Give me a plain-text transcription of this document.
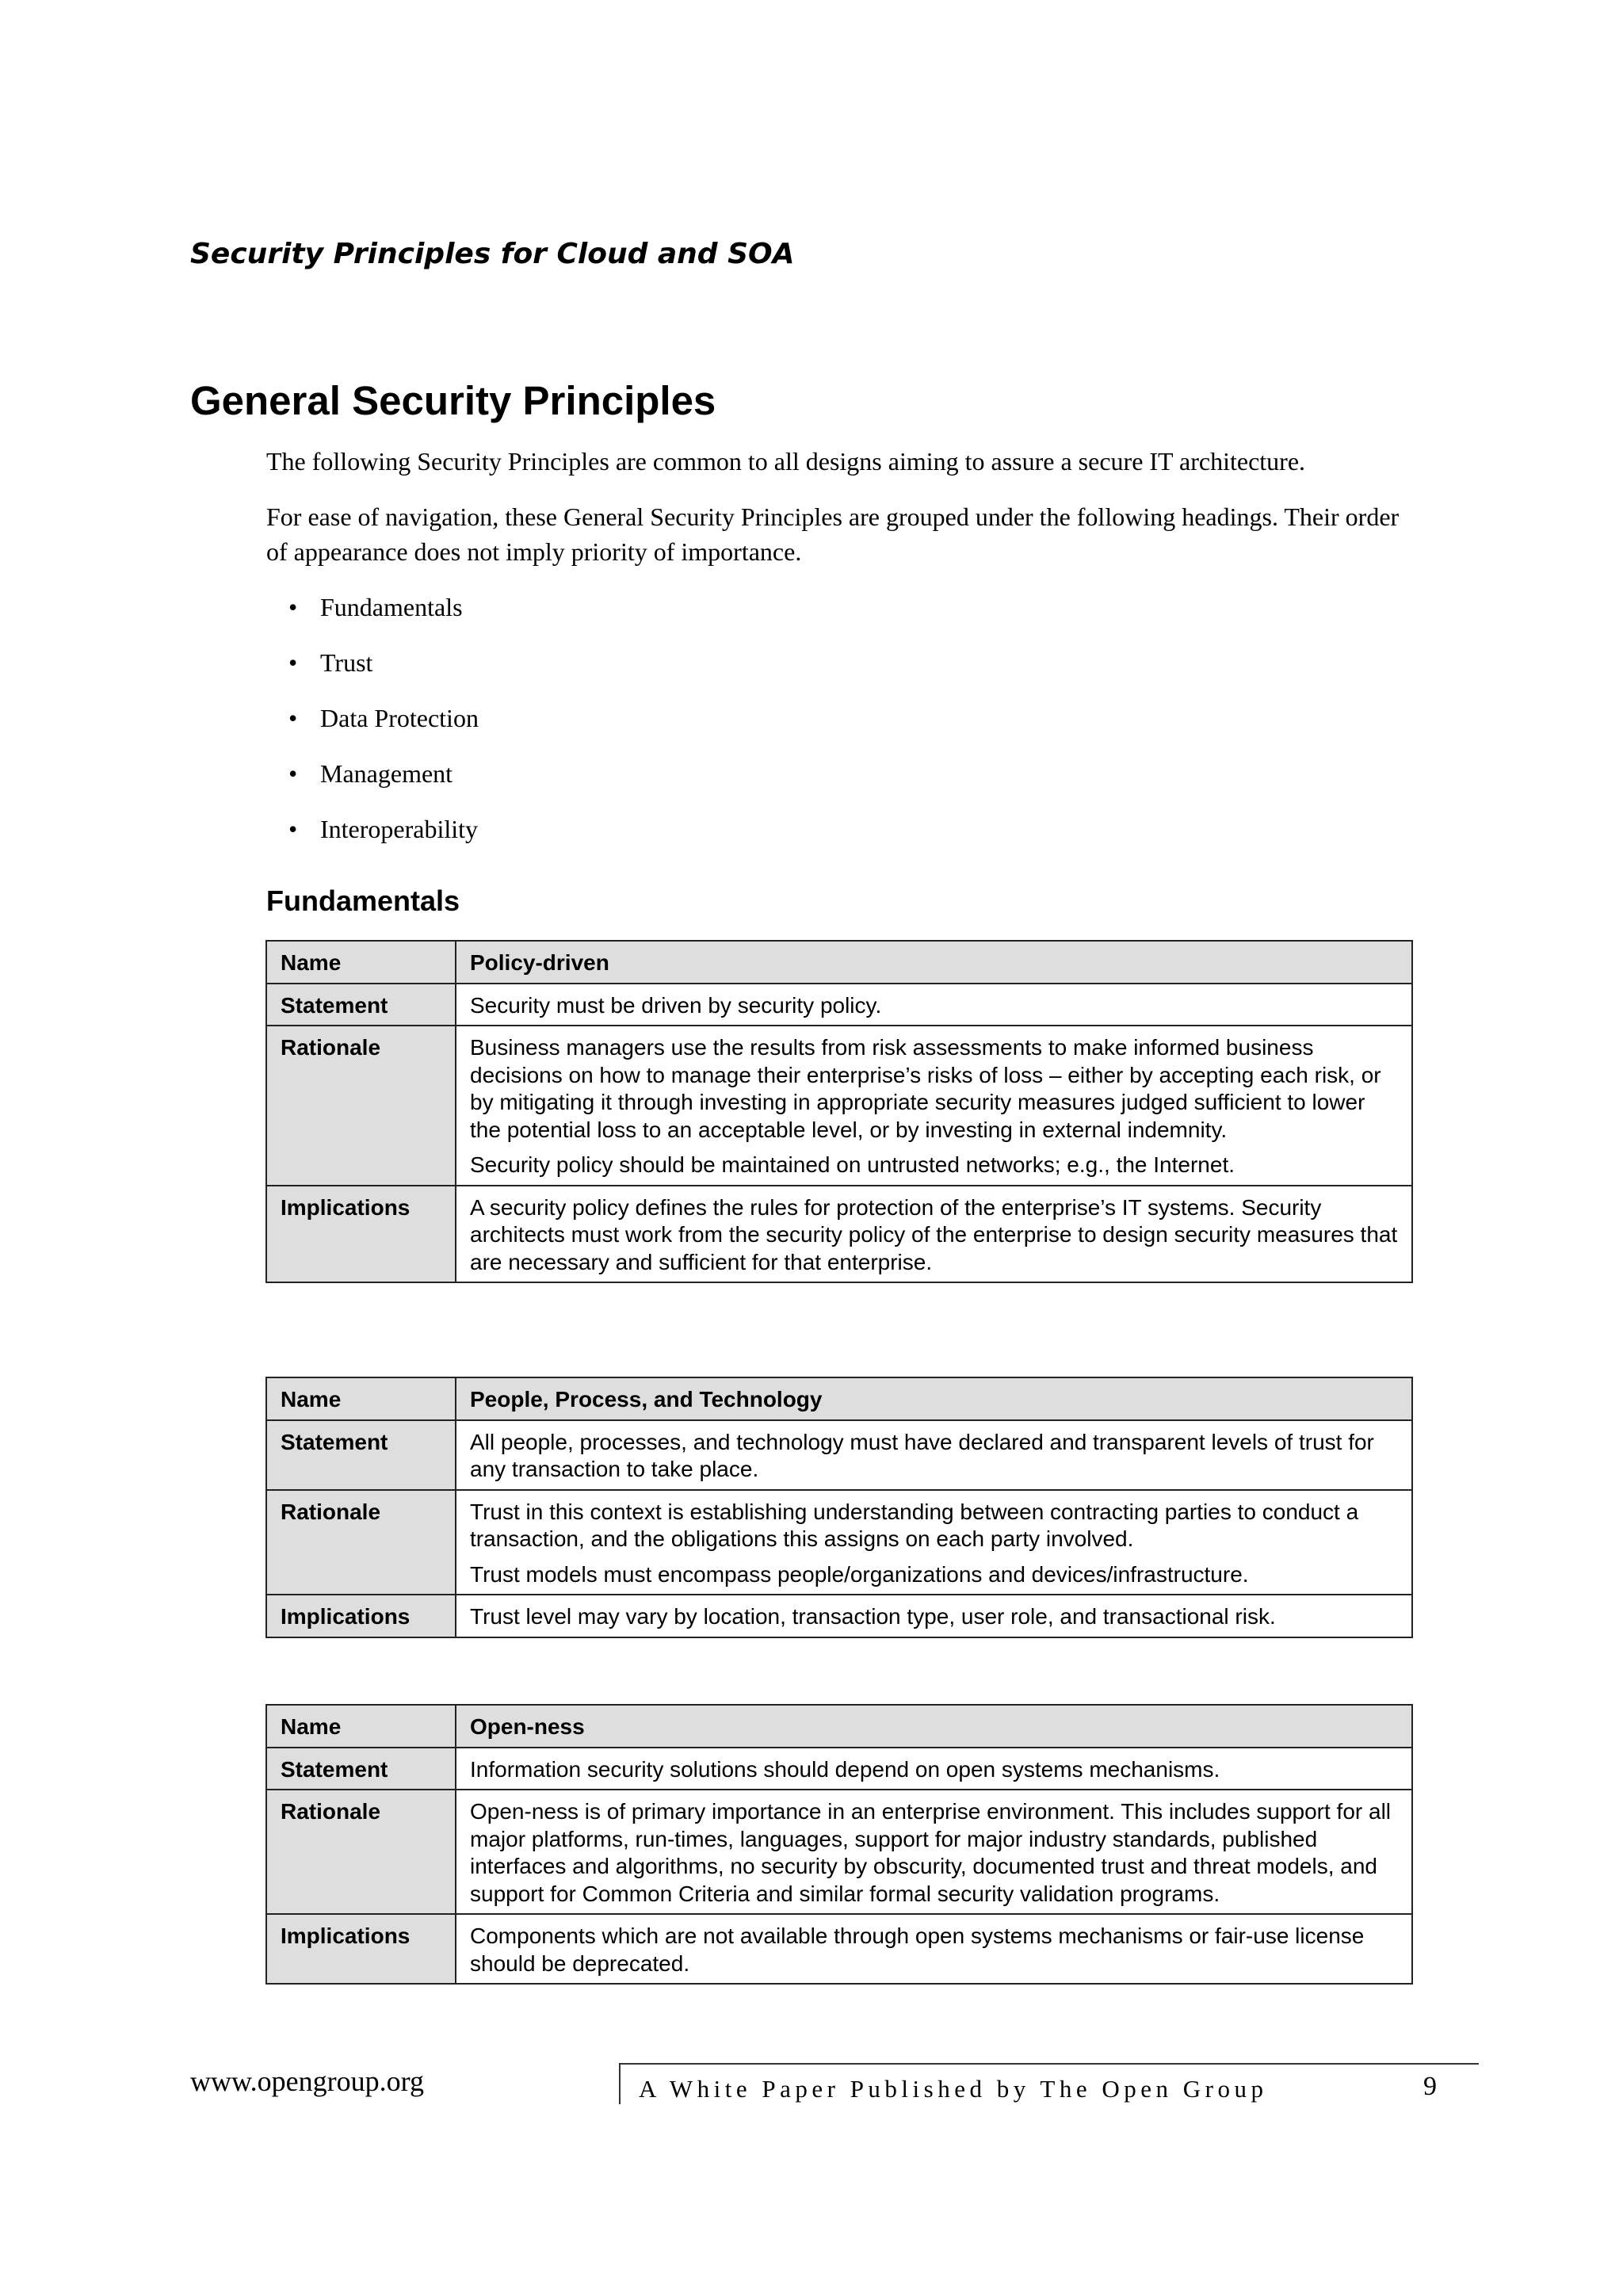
Security Principles for Cloud and SOA
General Security Principles

The following Security Principles are common to all designs aiming to assure a secure IT architecture.

For ease of navigation, these General Security Principles are grouped under the following headings. Their order of appearance does not imply priority of importance.

• Fundamentals
• Trust
• Data Protection
• Management
• Interoperability
Fundamentals
Name	Policy-driven
Statement	Security must be driven by security policy.
Rationale	Business managers use the results from risk assessments to make informed business decisions on how to manage their enterprise’s risks of loss – either by accepting each risk, or by mitigating it through investing in appropriate security measures judged sufficient to lower the potential loss to an acceptable level, or by investing in external indemnity.

Security policy should be maintained on untrusted networks; e.g., the Internet.

Implications	A security policy defines the rules for protection of the enterprise’s IT systems. Security architects must work from the security policy of the enterprise to design security measures that are necessary and sufficient for that enterprise.
Name	People, Process, and Technology
Statement	All people, processes, and technology must have declared and transparent levels of trust for any transaction to take place.
Rationale	Trust in this context is establishing understanding between contracting parties to conduct a transaction, and the obligations this assigns on each party involved.

Trust models must encompass people/organizations and devices/infrastructure.

Implications	Trust level may vary by location, transaction type, user role, and transactional risk.
Name	Open-ness
Statement	Information security solutions should depend on open systems mechanisms.
Rationale	Open-ness is of primary importance in an enterprise environment. This includes support for all major platforms, run-times, languages, support for major industry standards, published interfaces and algorithms, no security by obscurity, documented trust and threat models, and support for Common Criteria and similar formal security validation programs.

Implications	Components which are not available through open systems mechanisms or fair-use license should be deprecated.
www.opengroup.org	A White Paper Published by The Open Group	9
